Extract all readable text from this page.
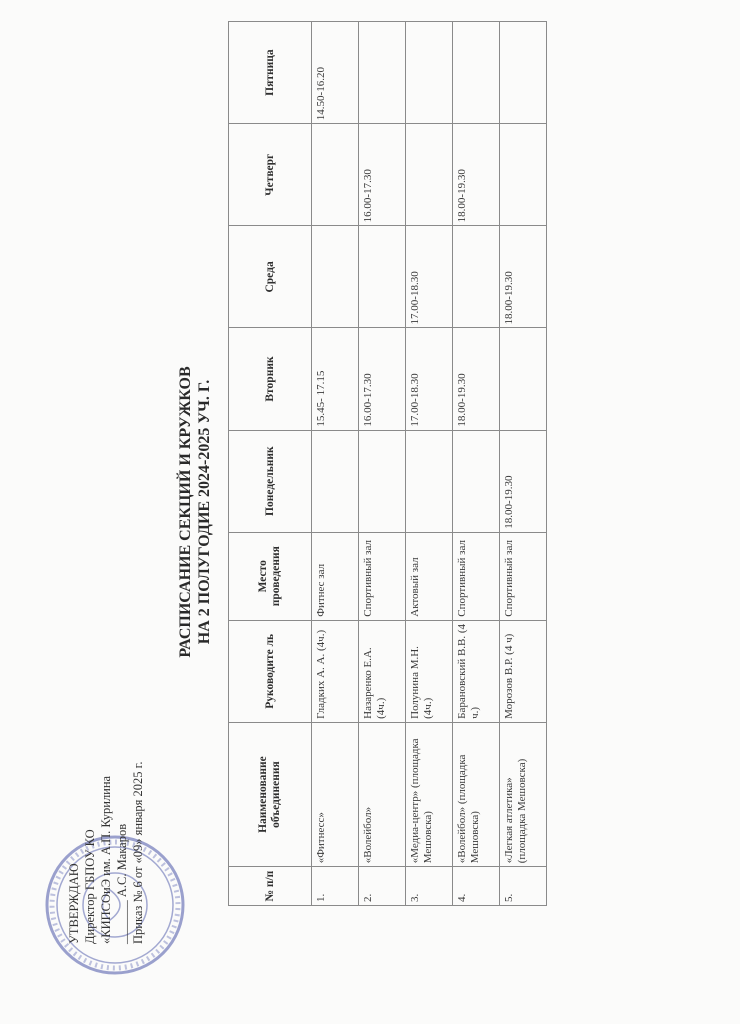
УТВЕРЖДАЮ Директор ГБПОУ КО «КИПСОиЭ им. А.П. Курилина _______ А.С. Макаров Приказ № 6 от «09» января 2025 г.
РАСПИСАНИЕ СЕКЦИЙ И КРУЖКОВ НА 2 ПОЛУГОДИЕ 2024-2025 УЧ. Г.
№ п/п	Наименование объединения	Руководите ль	Место проведения	Понедельник	Вторник	Среда	Четверг	Пятница
1.	«Фитнесс»	Гладких А. А. (4ч.)	Фитнес зал		15.45- 17.15			14.50-16.20
2.	«Волейбол»	Назаренко Е.А. (4ч.)	Спортивный зал		16.00-17.30		16.00-17.30	
3.	«Медиа-центр» (площадка Мешовска)	Полунина М.Н. (4ч.)	Актовый зал		17.00-18.30	17.00-18.30		
4.	«Волейбол» (площадка Мешовска)	Барановский В.В. (4 ч.)	Спортивный зал		18.00-19.30		18.00-19.30	
5.	«Легкая атлетика» (площадка Мешовска)	Морозов В.Р. (4 ч)	Спортивный зал	18.00-19.30		18.00-19.30		
